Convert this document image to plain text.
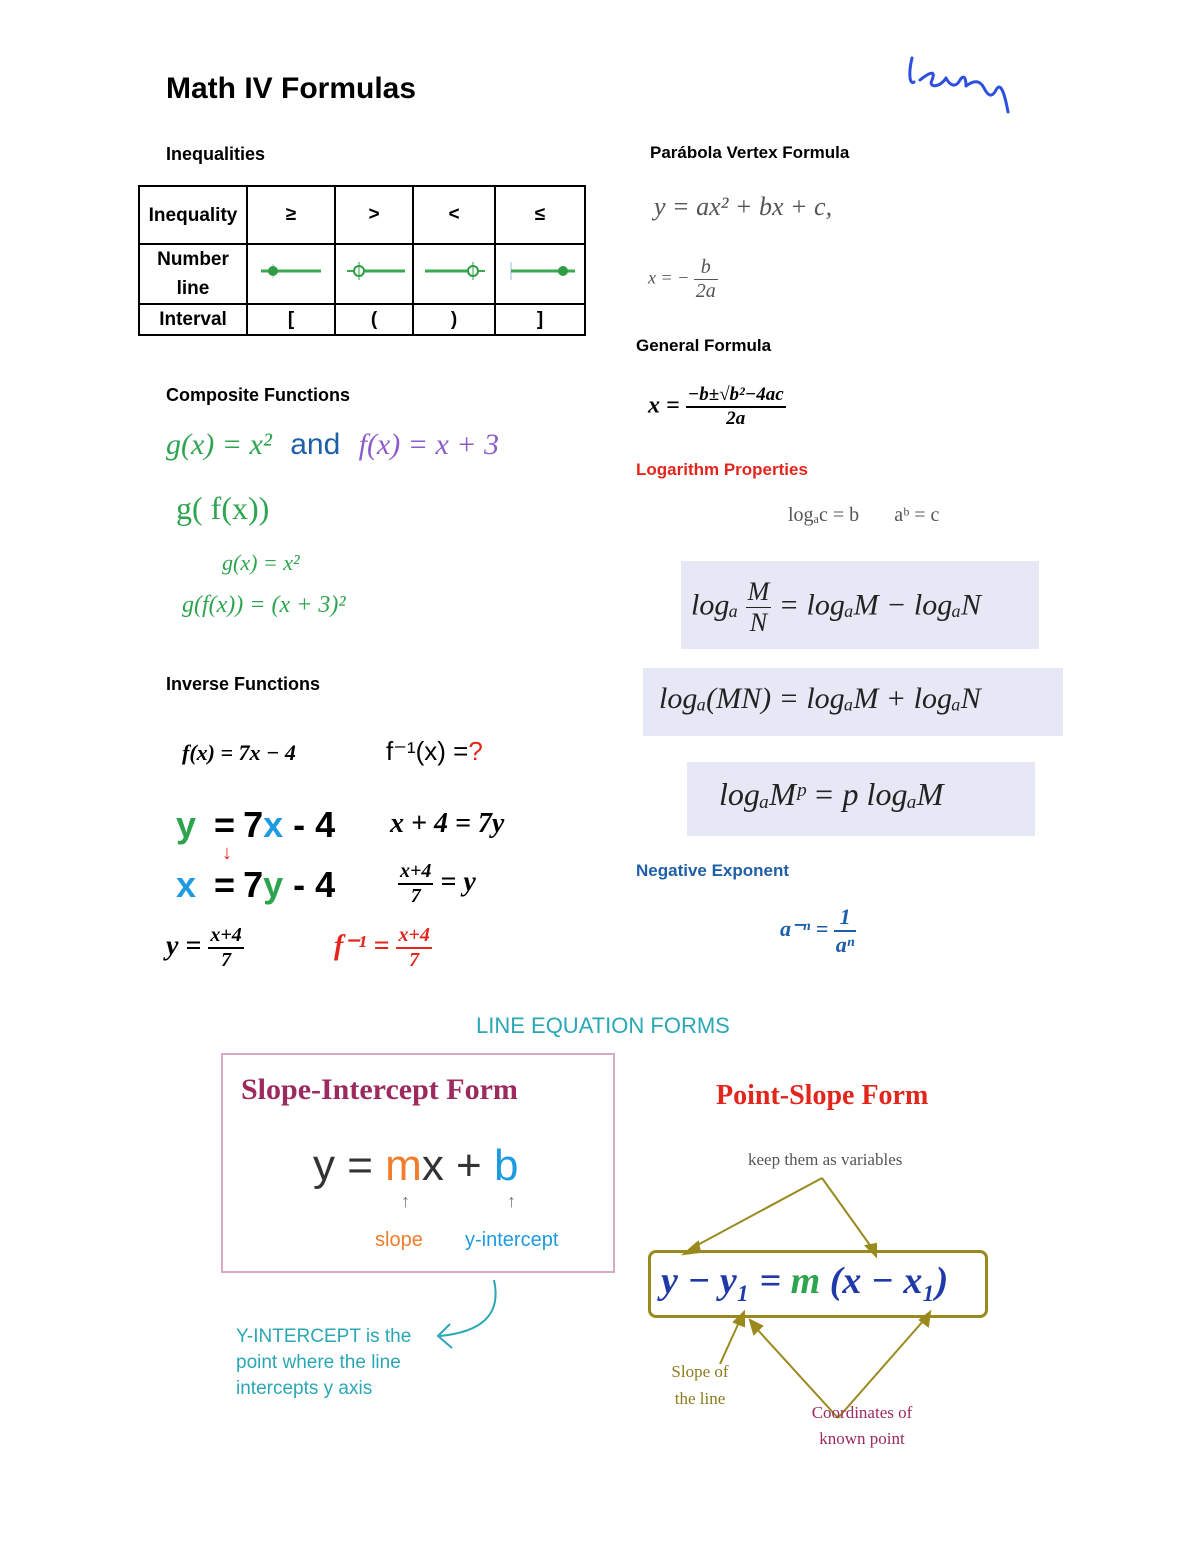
Math IV Formulas
Inequalities
Inequality	≥	>	<	≤
Number line				
Interval	[	(	)	]
Composite Functions
g(x) = x² and f(x) = x + 3
g( f(x))
g(x) = x²
g(f(x)) = (x + 3)²
Inverse Functions
f(x) = 7x − 4	f⁻¹(x) =?
y = 7x - 4
↓
x = 7y - 4
x + 4 = 7y
$\frac{x+4}{7} = y$
$y = \frac{x+4}{7}$	$f^{-1} = \frac{x+4}{7}$
Parábola Vertex Formula
y = ax² + bx + c,
x = − $\frac{b}{2a}$
General Formula
$x = \frac{\text{−b±√b²−4ac}}{2a}$
Logarithm Properties
logₐc = b aᵇ = c
logₐ $\frac{M}{N} = \log_aM - \log_aN$
logₐ(MN) = logₐM + logₐN
logₐMᵖ = p logₐM
Negative Exponent
$a^{-n} = \frac{1}{\text{aⁿ}}$
LINE EQUATION FORMS
Slope-Intercept Form
y = mx + b
↑	↑
slope y-intercept
Y-INTERCEPT is the point where the line intercepts y axis
Point-Slope Form
keep them as variables
y − y₁ = m (x − x₁)
Slope of the line
Coordinates of known point
